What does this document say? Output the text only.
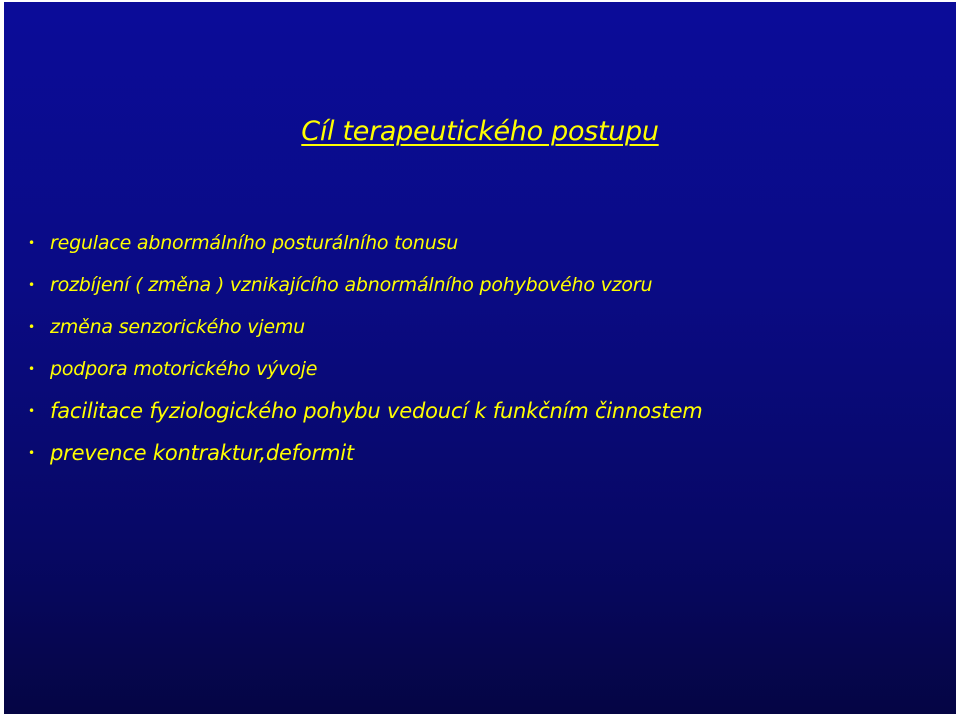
Cíl terapeutického postupu
• regulace abnormálního posturálního tonusu
• rozbíjení ( změna ) vznikajícího abnormálního pohybového vzoru
• změna senzorického vjemu
• podpora motorického vývoje
• facilitace fyziologického pohybu vedoucí k funkčním činnostem
• prevence kontraktur,deformit
